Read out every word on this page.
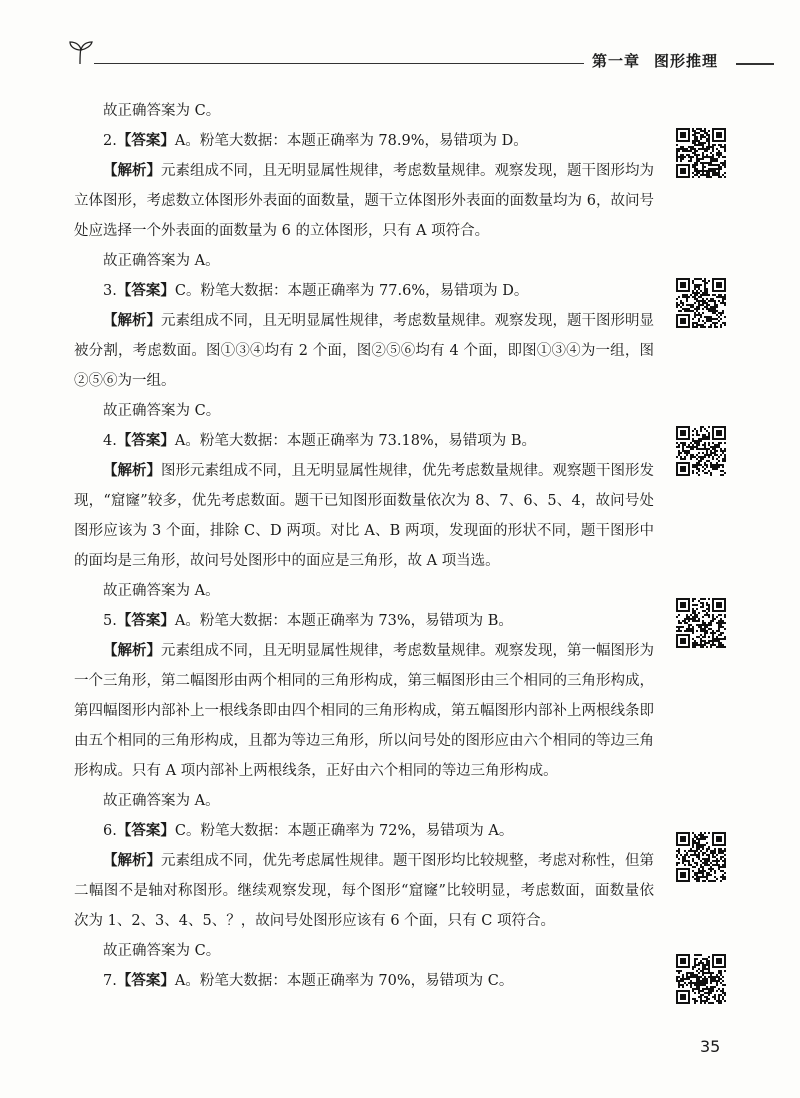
第一章 图形推理

故正确答案为 C。

2.【答案】A。粉笔大数据：本题正确率为 78.9%，易错项为 D。

【解析】元素组成不同，且无明显属性规律，考虑数量规律。观察发现，题干图形均为立体图形，考虑数立体图形外表面的面数量，题干立体图形外表面的面数量均为 6，故问号处应选择一个外表面的面数量为 6 的立体图形，只有 A 项符合。

故正确答案为 A。

3.【答案】C。粉笔大数据：本题正确率为 77.6%，易错项为 D。

【解析】元素组成不同，且无明显属性规律，考虑数量规律。观察发现，题干图形明显被分割，考虑数面。图①③④均有 2 个面，图②⑤⑥均有 4 个面，即图①③④为一组，图②⑤⑥为一组。

故正确答案为 C。

4.【答案】A。粉笔大数据：本题正确率为 73.18%，易错项为 B。

【解析】图形元素组成不同，且无明显属性规律，优先考虑数量规律。观察题干图形发现，“窟窿”较多，优先考虑数面。题干已知图形面数量依次为 8、7、6、5、4，故问号处图形应该为 3 个面，排除 C、D 两项。对比 A、B 两项，发现面的形状不同，题干图形中的面均是三角形，故问号处图形中的面应是三角形，故 A 项当选。

故正确答案为 A。

5.【答案】A。粉笔大数据：本题正确率为 73%，易错项为 B。

【解析】元素组成不同，且无明显属性规律，考虑数量规律。观察发现，第一幅图形为一个三角形，第二幅图形由两个相同的三角形构成，第三幅图形由三个相同的三角形构成，第四幅图形内部补上一根线条即由四个相同的三角形构成，第五幅图形内部补上两根线条即由五个相同的三角形构成，且都为等边三角形，所以问号处的图形应由六个相同的等边三角形构成。只有 A 项内部补上两根线条，正好由六个相同的等边三角形构成。

故正确答案为 A。

6.【答案】C。粉笔大数据：本题正确率为 72%，易错项为 A。

【解析】元素组成不同，优先考虑属性规律。题干图形均比较规整，考虑对称性，但第二幅图不是轴对称图形。继续观察发现，每个图形“窟窿”比较明显，考虑数面，面数量依次为 1、2、3、4、5、？，故问号处图形应该有 6 个面，只有 C 项符合。

故正确答案为 C。

7.【答案】A。粉笔大数据：本题正确率为 70%，易错项为 C。

35
